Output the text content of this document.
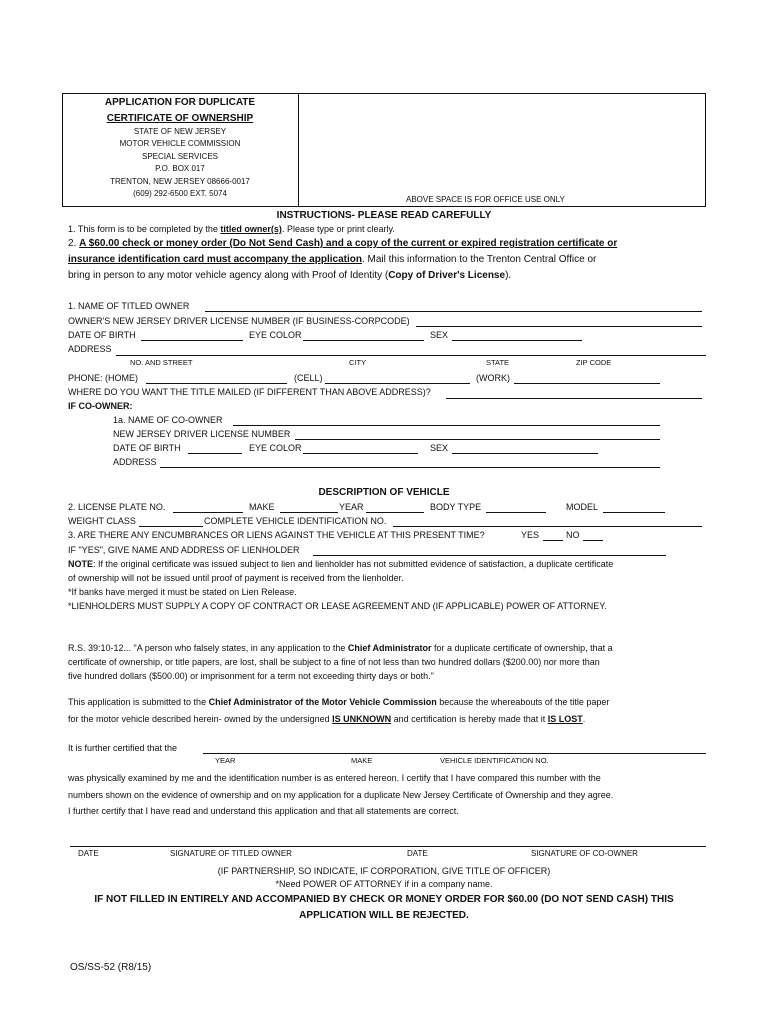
APPLICATION FOR DUPLICATE
CERTIFICATE OF OWNERSHIP
STATE OF NEW JERSEY
MOTOR VEHICLE COMMISSION
SPECIAL SERVICES
P.O. BOX 017
TRENTON, NEW JERSEY 08666-0017
(609) 292-6500 EXT. 5074
ABOVE SPACE IS FOR OFFICE USE ONLY
INSTRUCTIONS- PLEASE READ CAREFULLY
1. This form is to be completed by the titled owner(s). Please type or print clearly.
2. A $60.00 check or money order (Do Not Send Cash) and a copy of the current or expired registration certificate or
insurance identification card must accompany the application. Mail this information to the Trenton Central Office or
bring in person to any motor vehicle agency along with Proof of Identity (Copy of Driver's License).
1. NAME OF TITLED OWNER
OWNER'S NEW JERSEY DRIVER LICENSE NUMBER (IF BUSINESS-CORPCODE)
DATE OF BIRTH	EYE COLOR	SEX
ADDRESS
NO. AND STREET	CITY	STATE	ZIP CODE
PHONE: (HOME)	(CELL)	(WORK)
WHERE DO YOU WANT THE TITLE MAILED (IF DIFFERENT THAN ABOVE ADDRESS)?
IF CO-OWNER:
1a. NAME OF CO-OWNER
NEW JERSEY DRIVER LICENSE NUMBER
DATE OF BIRTH	EYE COLOR	SEX
ADDRESS
DESCRIPTION OF VEHICLE
2. LICENSE PLATE NO.	MAKE	YEAR	BODY TYPE	MODEL
WEIGHT CLASS	COMPLETE VEHICLE IDENTIFICATION NO.
3. ARE THERE ANY ENCUMBRANCES OR LIENS AGAINST THE VEHICLE AT THIS PRESENT TIME?	YES	NO
IF "YES", GIVE NAME AND ADDRESS OF LIENHOLDER
NOTE: If the original certificate was issued subject to lien and lienholder has not submitted evidence of satisfaction, a duplicate certificate
of ownership will not be issued until proof of payment is received from the lienholder.
*If banks have merged it must be stated on Lien Release.
*LIENHOLDERS MUST SUPPLY A COPY OF CONTRACT OR LEASE AGREEMENT AND (IF APPLICABLE) POWER OF ATTORNEY.
R.S. 39:10-12... "A person who falsely states, in any application to the Chief Administrator for a duplicate certificate of ownership, that a
certificate of ownership, or title papers, are lost, shall be subject to a fine of not less than two hundred dollars ($200.00) nor more than
five hundred dollars ($500.00) or imprisonment for a term not exceeding thirty days or both."
This application is submitted to the Chief Administrator of the Motor Vehicle Commission because the whereabouts of the title paper
for the motor vehicle described herein- owned by the undersigned IS UNKNOWN and certification is hereby made that it IS LOST.
It is further certified that the
YEAR	MAKE	VEHICLE IDENTIFICATION NO.
was physically examined by me and the identification number is as entered hereon. I certify that I have compared this number with the
numbers shown on the evidence of ownership and on my application for a duplicate New Jersey Certificate of Ownership and they agree.
I further certify that I have read and understand this application and that all statements are correct.
DATE	SIGNATURE OF TITLED OWNER	DATE	SIGNATURE OF CO-OWNER
(IF PARTNERSHIP, SO INDICATE, IF CORPORATION, GIVE TITLE OF OFFICER)
*Need POWER OF ATTORNEY if in a company name.
IF NOT FILLED IN ENTIRELY AND ACCOMPANIED BY CHECK OR MONEY ORDER FOR $60.00 (DO NOT SEND CASH) THIS
APPLICATION WILL BE REJECTED.
OS/SS-52 (R8/15)
